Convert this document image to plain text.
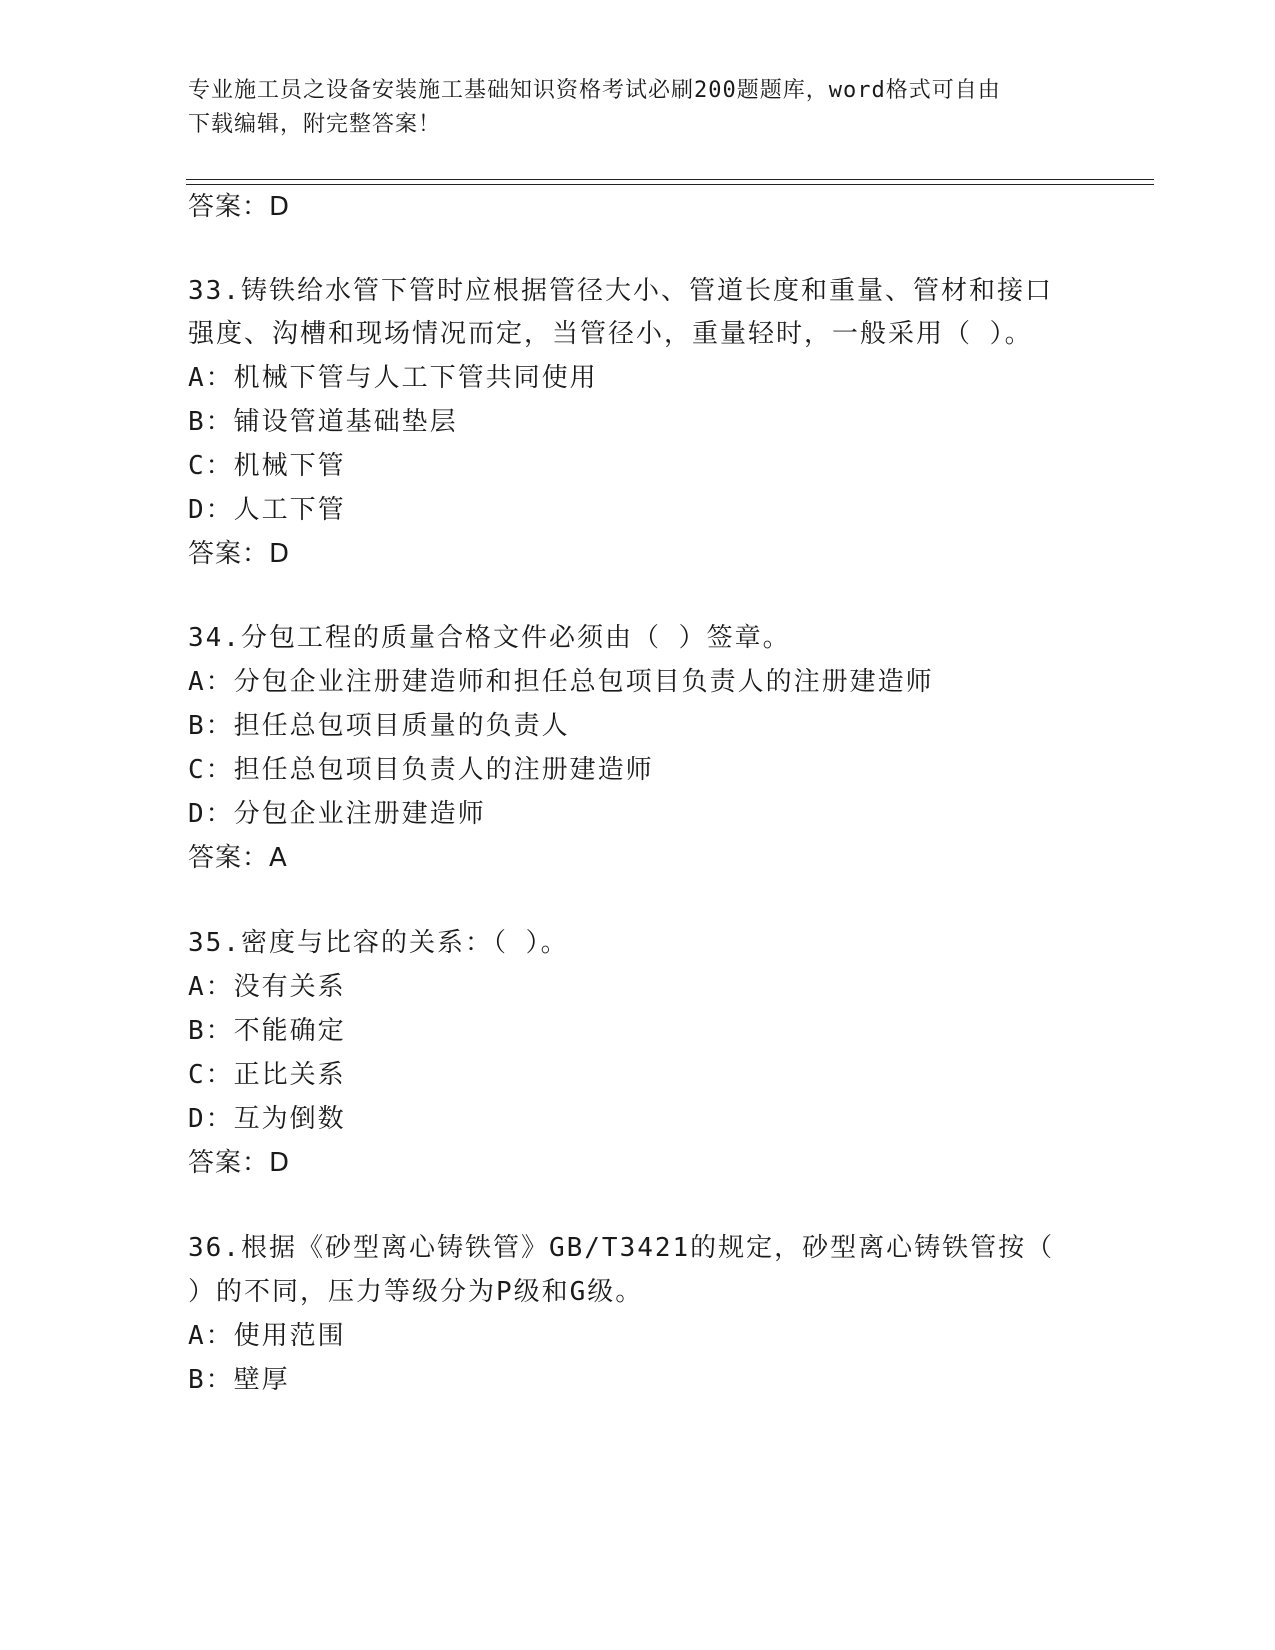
专业施工员之设备安装施工基础知识资格考试必刷200题题库，word格式可自由
下载编辑，附完整答案！
答案：D
33.铸铁给水管下管时应根据管径大小、管道长度和重量、管材和接口
强度、沟槽和现场情况而定，当管径小，重量轻时，一般采用（ ）。
A：机械下管与人工下管共同使用
B：铺设管道基础垫层
C：机械下管
D：人工下管
答案：D
34.分包工程的质量合格文件必须由（ ）签章。
A：分包企业注册建造师和担任总包项目负责人的注册建造师
B：担任总包项目质量的负责人
C：担任总包项目负责人的注册建造师
D：分包企业注册建造师
答案：A
35.密度与比容的关系：（ ）。
A：没有关系
B：不能确定
C：正比关系
D：互为倒数
答案：D
36.根据《砂型离心铸铁管》GB/T3421的规定，砂型离心铸铁管按（
）的不同，压力等级分为P级和G级。
A：使用范围
B：壁厚
